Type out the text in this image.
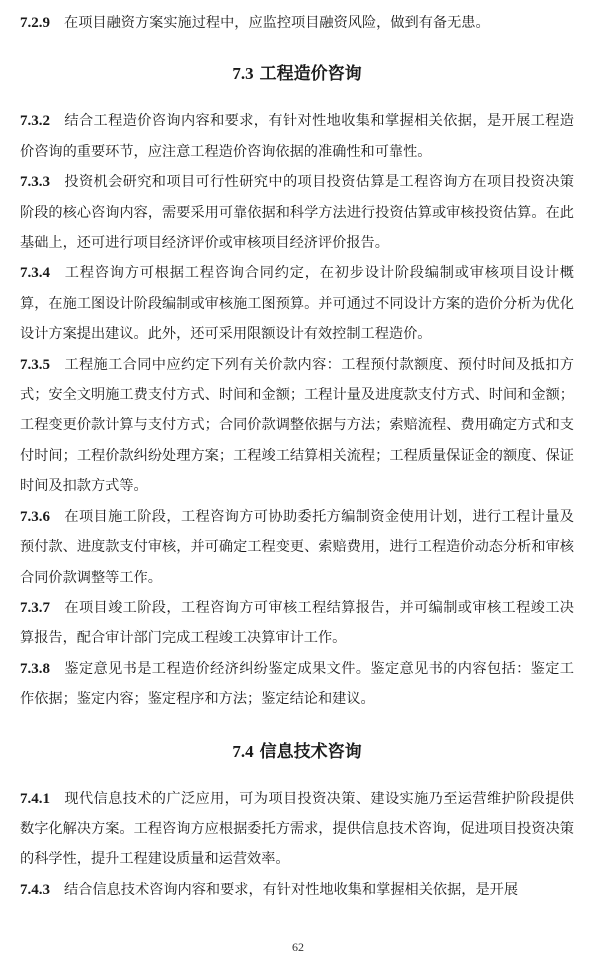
7.2.9 在项目融资方案实施过程中，应监控项目融资风险，做到有备无患。

7.3 工程造价咨询

7.3.2 结合工程造价咨询内容和要求，有针对性地收集和掌握相关依据，是开展工程造价咨询的重要环节，应注意工程造价咨询依据的准确性和可靠性。

7.3.3 投资机会研究和项目可行性研究中的项目投资估算是工程咨询方在项目投资决策阶段的核心咨询内容，需要采用可靠依据和科学方法进行投资估算或审核投资估算。在此基础上，还可进行项目经济评价或审核项目经济评价报告。

7.3.4 工程咨询方可根据工程咨询合同约定，在初步设计阶段编制或审核项目设计概算，在施工图设计阶段编制或审核施工图预算。并可通过不同设计方案的造价分析为优化设计方案提出建议。此外，还可采用限额设计有效控制工程造价。

7.3.5 工程施工合同中应约定下列有关价款内容：工程预付款额度、预付时间及抵扣方式；安全文明施工费支付方式、时间和金额；工程计量及进度款支付方式、时间和金额；工程变更价款计算与支付方式；合同价款调整依据与方法；索赔流程、费用确定方式和支付时间；工程价款纠纷处理方案；工程竣工结算相关流程；工程质量保证金的额度、保证时间及扣款方式等。

7.3.6 在项目施工阶段，工程咨询方可协助委托方编制资金使用计划，进行工程计量及预付款、进度款支付审核，并可确定工程变更、索赔费用，进行工程造价动态分析和审核合同价款调整等工作。

7.3.7 在项目竣工阶段，工程咨询方可审核工程结算报告，并可编制或审核工程竣工决算报告，配合审计部门完成工程竣工决算审计工作。

7.3.8 鉴定意见书是工程造价经济纠纷鉴定成果文件。鉴定意见书的内容包括：鉴定工作依据；鉴定内容；鉴定程序和方法；鉴定结论和建议。

7.4 信息技术咨询

7.4.1 现代信息技术的广泛应用，可为项目投资决策、建设实施乃至运营维护阶段提供数字化解决方案。工程咨询方应根据委托方需求，提供信息技术咨询，促进项目投资决策的科学性，提升工程建设质量和运营效率。

7.4.3 结合信息技术咨询内容和要求，有针对性地收集和掌握相关依据，是开展

62
